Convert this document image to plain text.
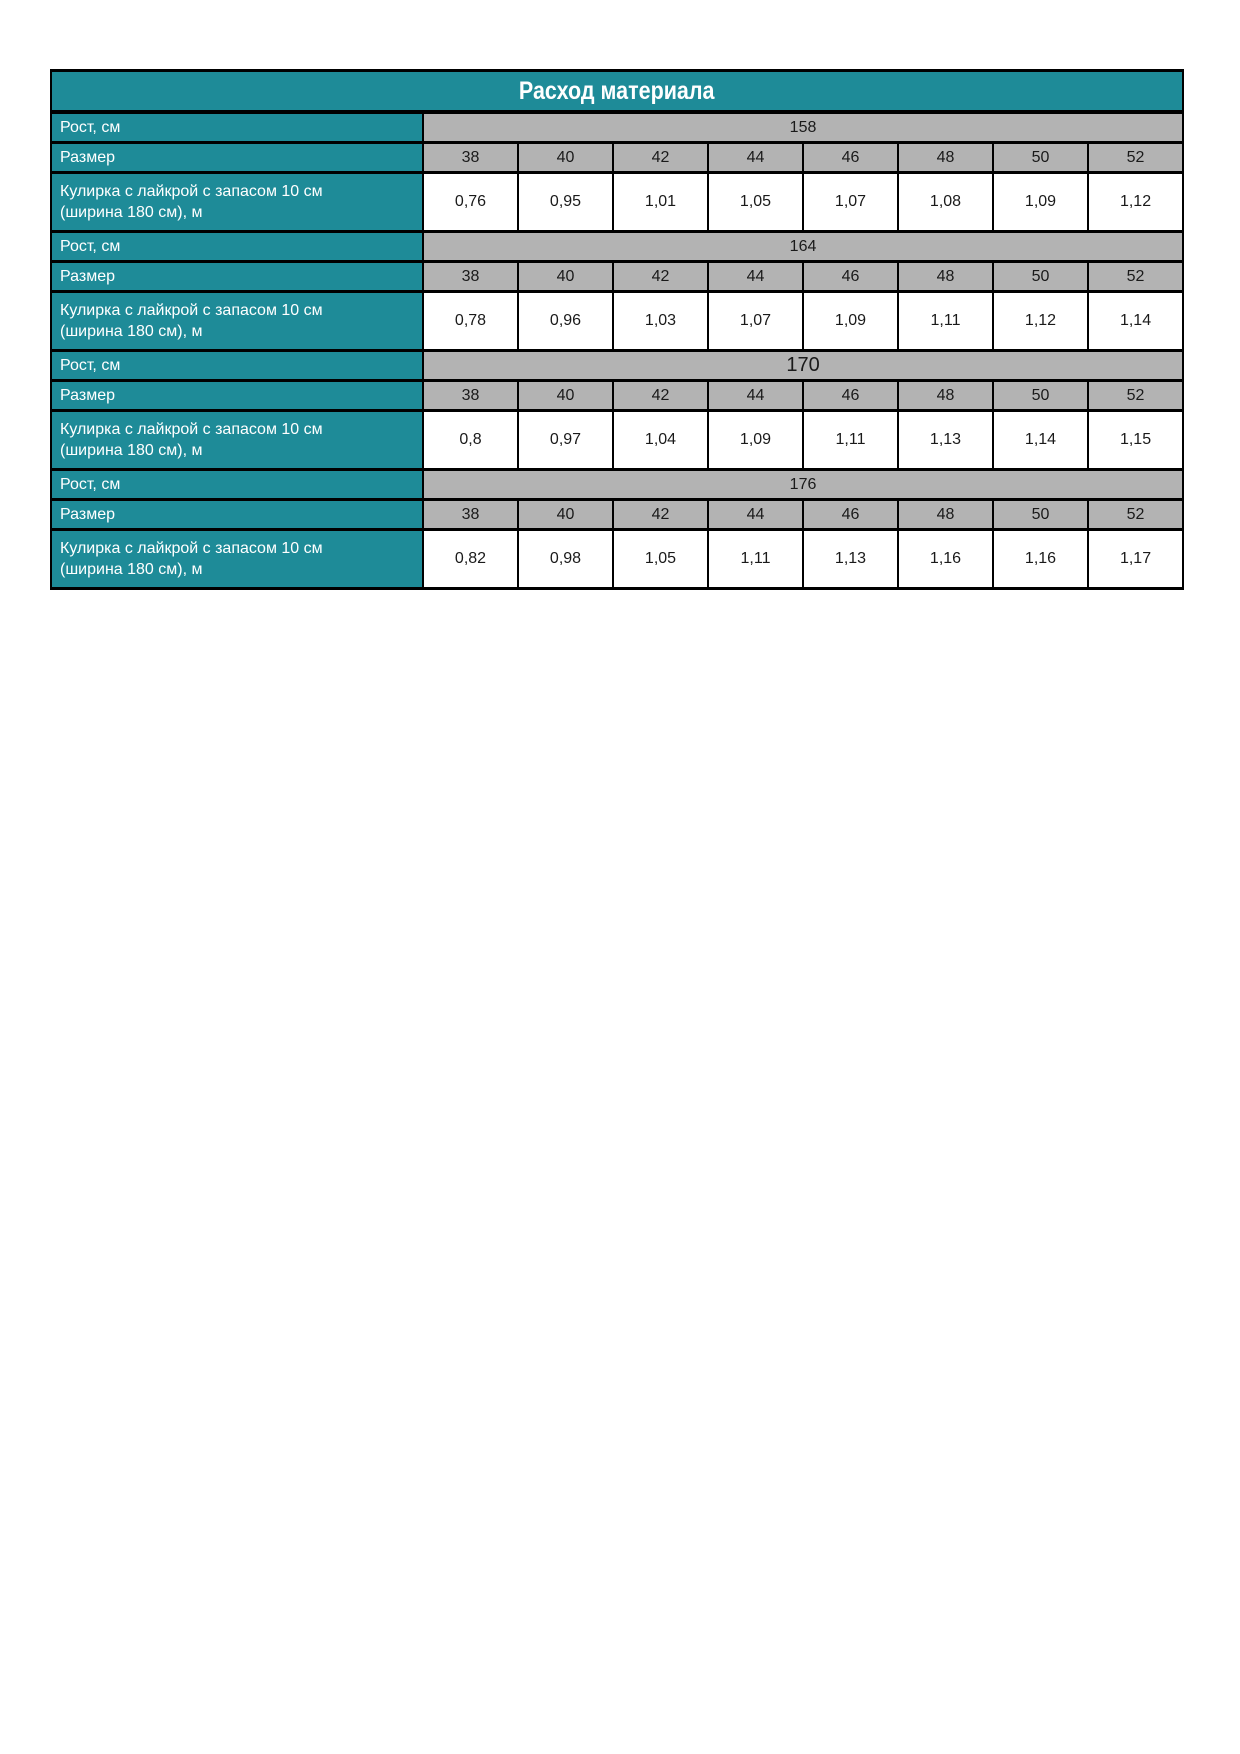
Расход материала								
Рост, см	158							
Размер	38	40	42	44	46	48	50	52

Кулирка с лайкрой с запасом 10 см
(ширина 180 см), м	0,76	0,95	1,01	1,05	1,07	1,08	1,09	1,12
Рост, см	164							
Размер	38	40	42	44	46	48	50	52

Кулирка с лайкрой с запасом 10 см
(ширина 180 см), м	0,78	0,96	1,03	1,07	1,09	1,11	1,12	1,14
Рост, см	170							
Размер	38	40	42	44	46	48	50	52

Кулирка с лайкрой с запасом 10 см
(ширина 180 см), м	0,8	0,97	1,04	1,09	1,11	1,13	1,14	1,15
Рост, см	176							
Размер	38	40	42	44	46	48	50	52

Кулирка с лайкрой с запасом 10 см
(ширина 180 см), м	0,82	0,98	1,05	1,11	1,13	1,16	1,16	1,17
